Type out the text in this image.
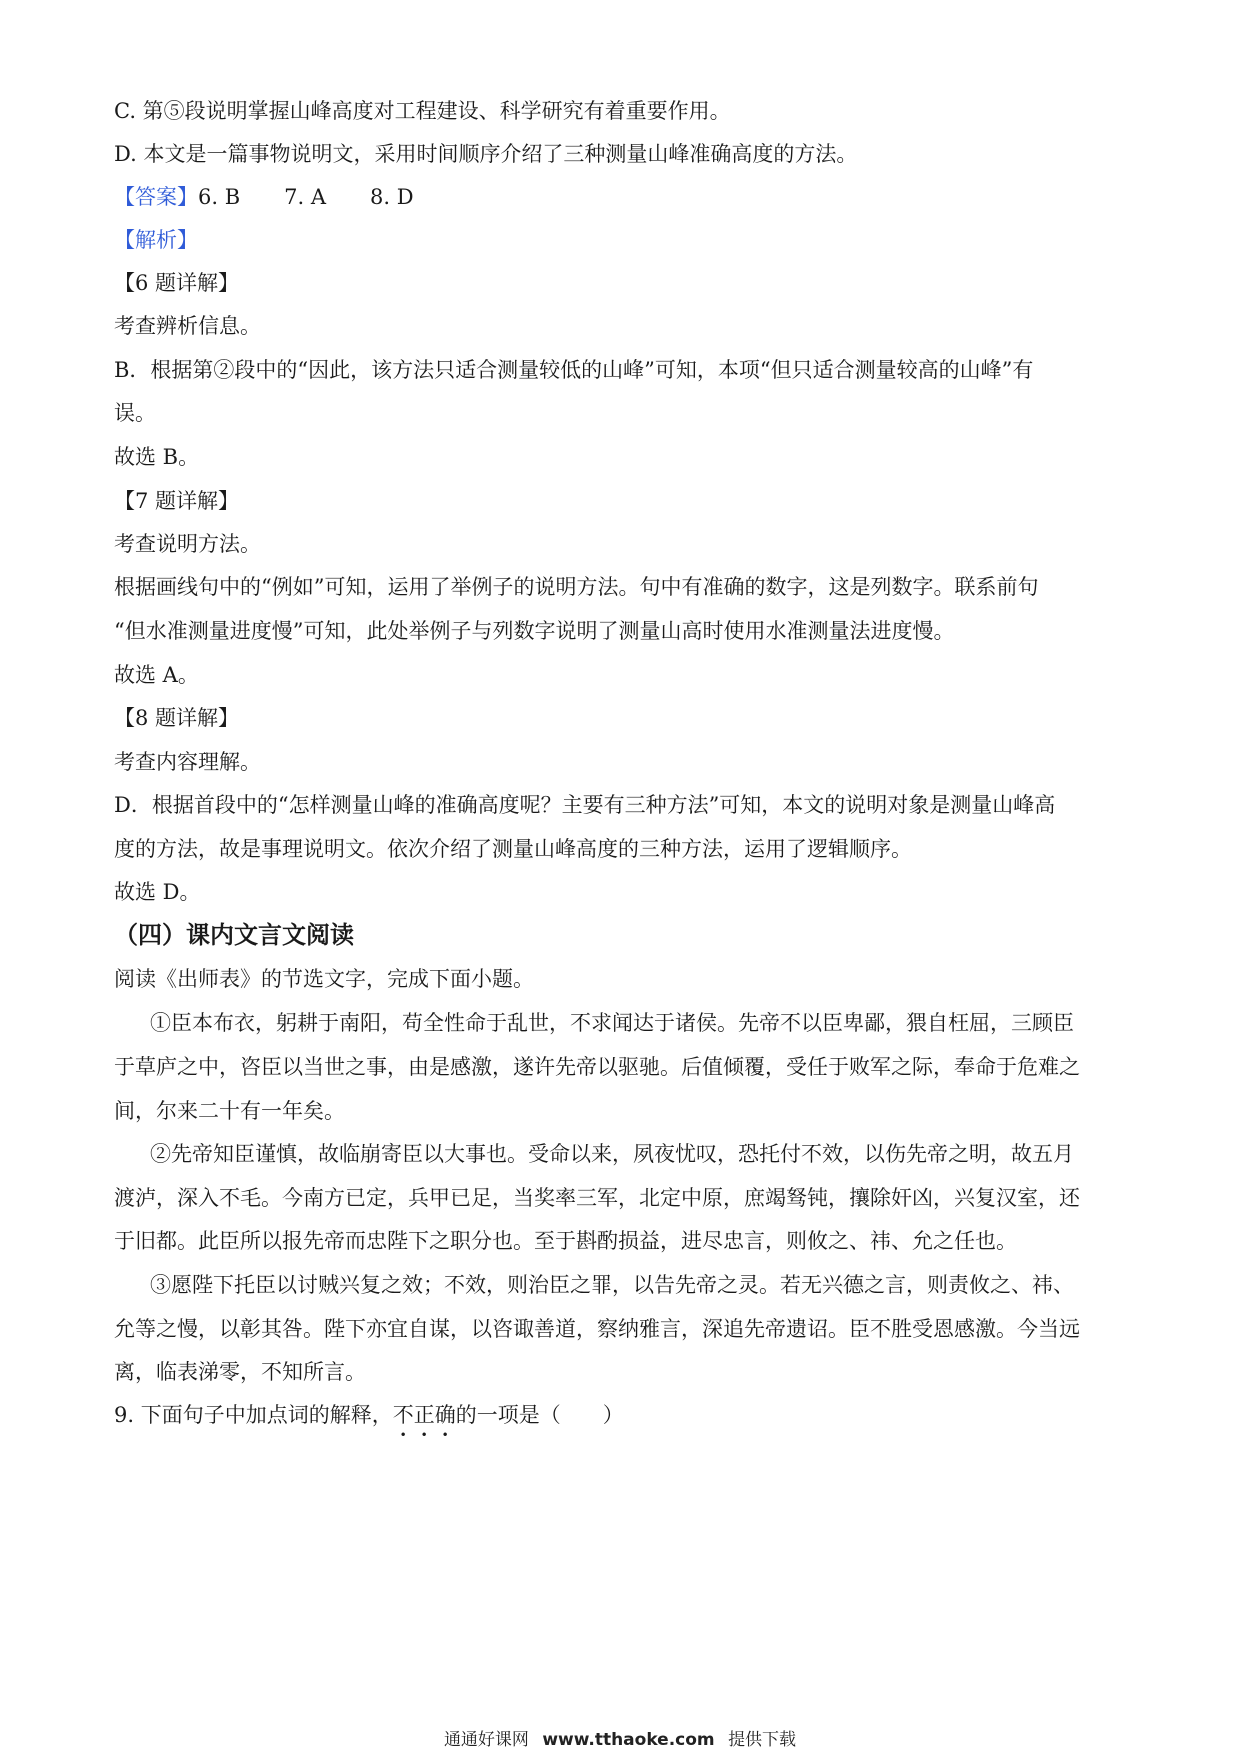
C. 第⑤段说明掌握山峰高度对工程建设、科学研究有着重要作用。
D. 本文是一篇事物说明文，采用时间顺序介绍了三种测量山峰准确高度的方法。
【答案】6. B 7. A 8. D
【解析】
【6 题详解】
考查辨析信息。
B．根据第②段中的“因此，该方法只适合测量较低的山峰”可知，本项“但只适合测量较高的山峰”有
误。
故选 B。
【7 题详解】
考查说明方法。
根据画线句中的“例如”可知，运用了举例子的说明方法。句中有准确的数字，这是列数字。联系前句
“但水准测量进度慢”可知，此处举例子与列数字说明了测量山高时使用水准测量法进度慢。
故选 A。
【8 题详解】
考查内容理解。
D．根据首段中的“怎样测量山峰的准确高度呢？主要有三种方法”可知，本文的说明对象是测量山峰高
度的方法，故是事理说明文。依次介绍了测量山峰高度的三种方法，运用了逻辑顺序。
故选 D。
（四）课内文言文阅读
阅读《出师表》的节选文字，完成下面小题。
①臣本布衣，躬耕于南阳，苟全性命于乱世，不求闻达于诸侯。先帝不以臣卑鄙，猥自枉屈，三顾臣
于草庐之中，咨臣以当世之事，由是感激，遂许先帝以驱驰。后值倾覆，受任于败军之际，奉命于危难之
间，尔来二十有一年矣。
②先帝知臣谨慎，故临崩寄臣以大事也。受命以来，夙夜忧叹，恐托付不效，以伤先帝之明，故五月
渡泸，深入不毛。今南方已定，兵甲已足，当奖率三军，北定中原，庶竭驽钝，攘除奸凶，兴复汉室，还
于旧都。此臣所以报先帝而忠陛下之职分也。至于斟酌损益，进尽忠言，则攸之、祎、允之任也。
③愿陛下托臣以讨贼兴复之效；不效，则治臣之罪，以告先帝之灵。若无兴德之言，则责攸之、祎、
允等之慢，以彰其咎。陛下亦宜自谋，以咨诹善道，察纳雅言，深追先帝遗诏。臣不胜受恩感激。今当远
离，临表涕零，不知所言。
9. 下面句子中加点词的解释，不正确的一项是（　　）
通通好课网 www.tthaoke.com 提供下载
